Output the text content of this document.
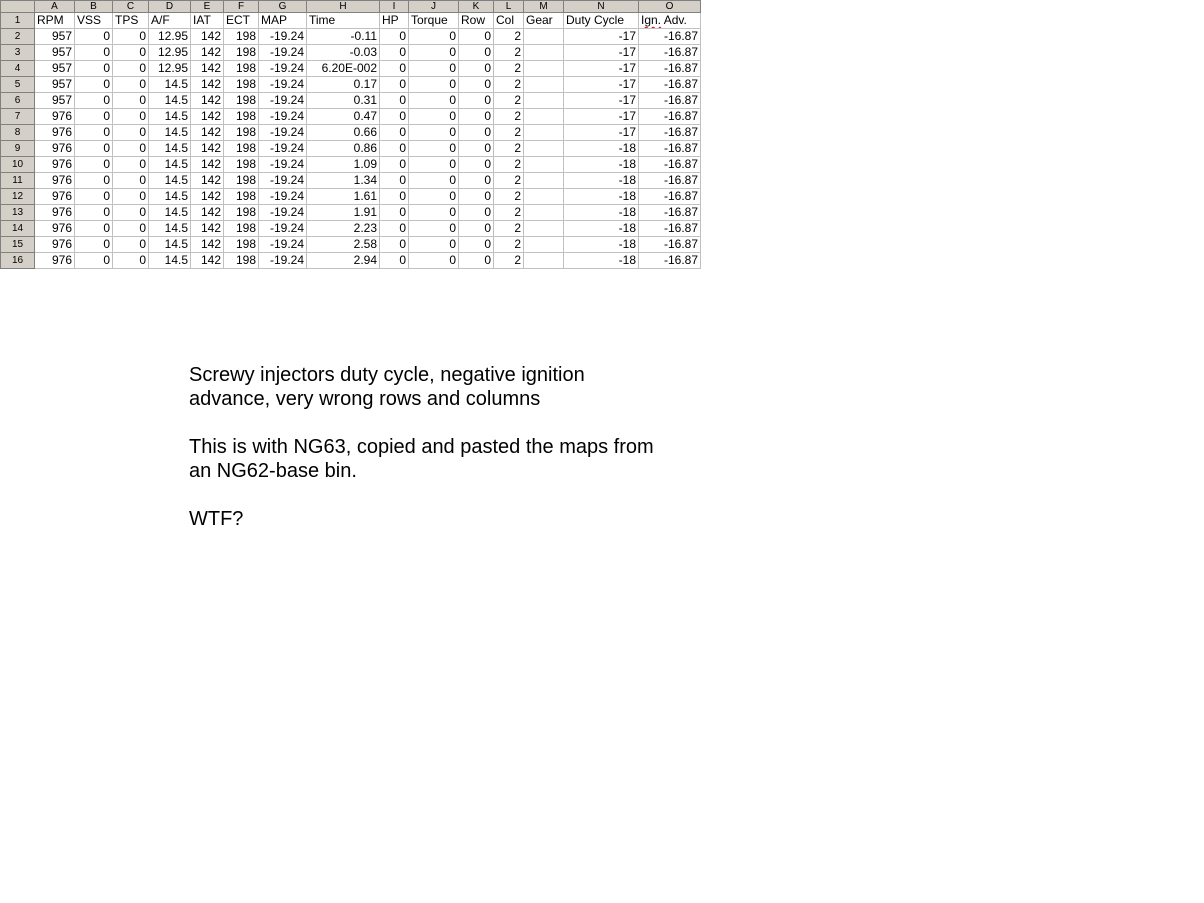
	A	B	C	D	E	F	G	H	I	J	K	L	M	N	O
1	RPM	VSS	TPS	A/F	IAT	ECT	MAP	Time	HP	Torque	Row	Col	Gear	Duty Cycle	Ign. Adv.
2	957	0	0	12.95	142	198	-19.24	-0.11	0	0	0	2		-17	-16.87
3	957	0	0	12.95	142	198	-19.24	-0.03	0	0	0	2		-17	-16.87
4	957	0	0	12.95	142	198	-19.24	6.20E-002	0	0	0	2		-17	-16.87
5	957	0	0	14.5	142	198	-19.24	0.17	0	0	0	2		-17	-16.87
6	957	0	0	14.5	142	198	-19.24	0.31	0	0	0	2		-17	-16.87
7	976	0	0	14.5	142	198	-19.24	0.47	0	0	0	2		-17	-16.87
8	976	0	0	14.5	142	198	-19.24	0.66	0	0	0	2		-17	-16.87
9	976	0	0	14.5	142	198	-19.24	0.86	0	0	0	2		-18	-16.87
10	976	0	0	14.5	142	198	-19.24	1.09	0	0	0	2		-18	-16.87
11	976	0	0	14.5	142	198	-19.24	1.34	0	0	0	2		-18	-16.87
12	976	0	0	14.5	142	198	-19.24	1.61	0	0	0	2		-18	-16.87
13	976	0	0	14.5	142	198	-19.24	1.91	0	0	0	2		-18	-16.87
14	976	0	0	14.5	142	198	-19.24	2.23	0	0	0	2		-18	-16.87
15	976	0	0	14.5	142	198	-19.24	2.58	0	0	0	2		-18	-16.87
16	976	0	0	14.5	142	198	-19.24	2.94	0	0	0	2		-18	-16.87

Screwy injectors duty cycle, negative ignition
advance, very wrong rows and columns

This is with NG63, copied and pasted the maps from
an NG62-base bin.

WTF?
